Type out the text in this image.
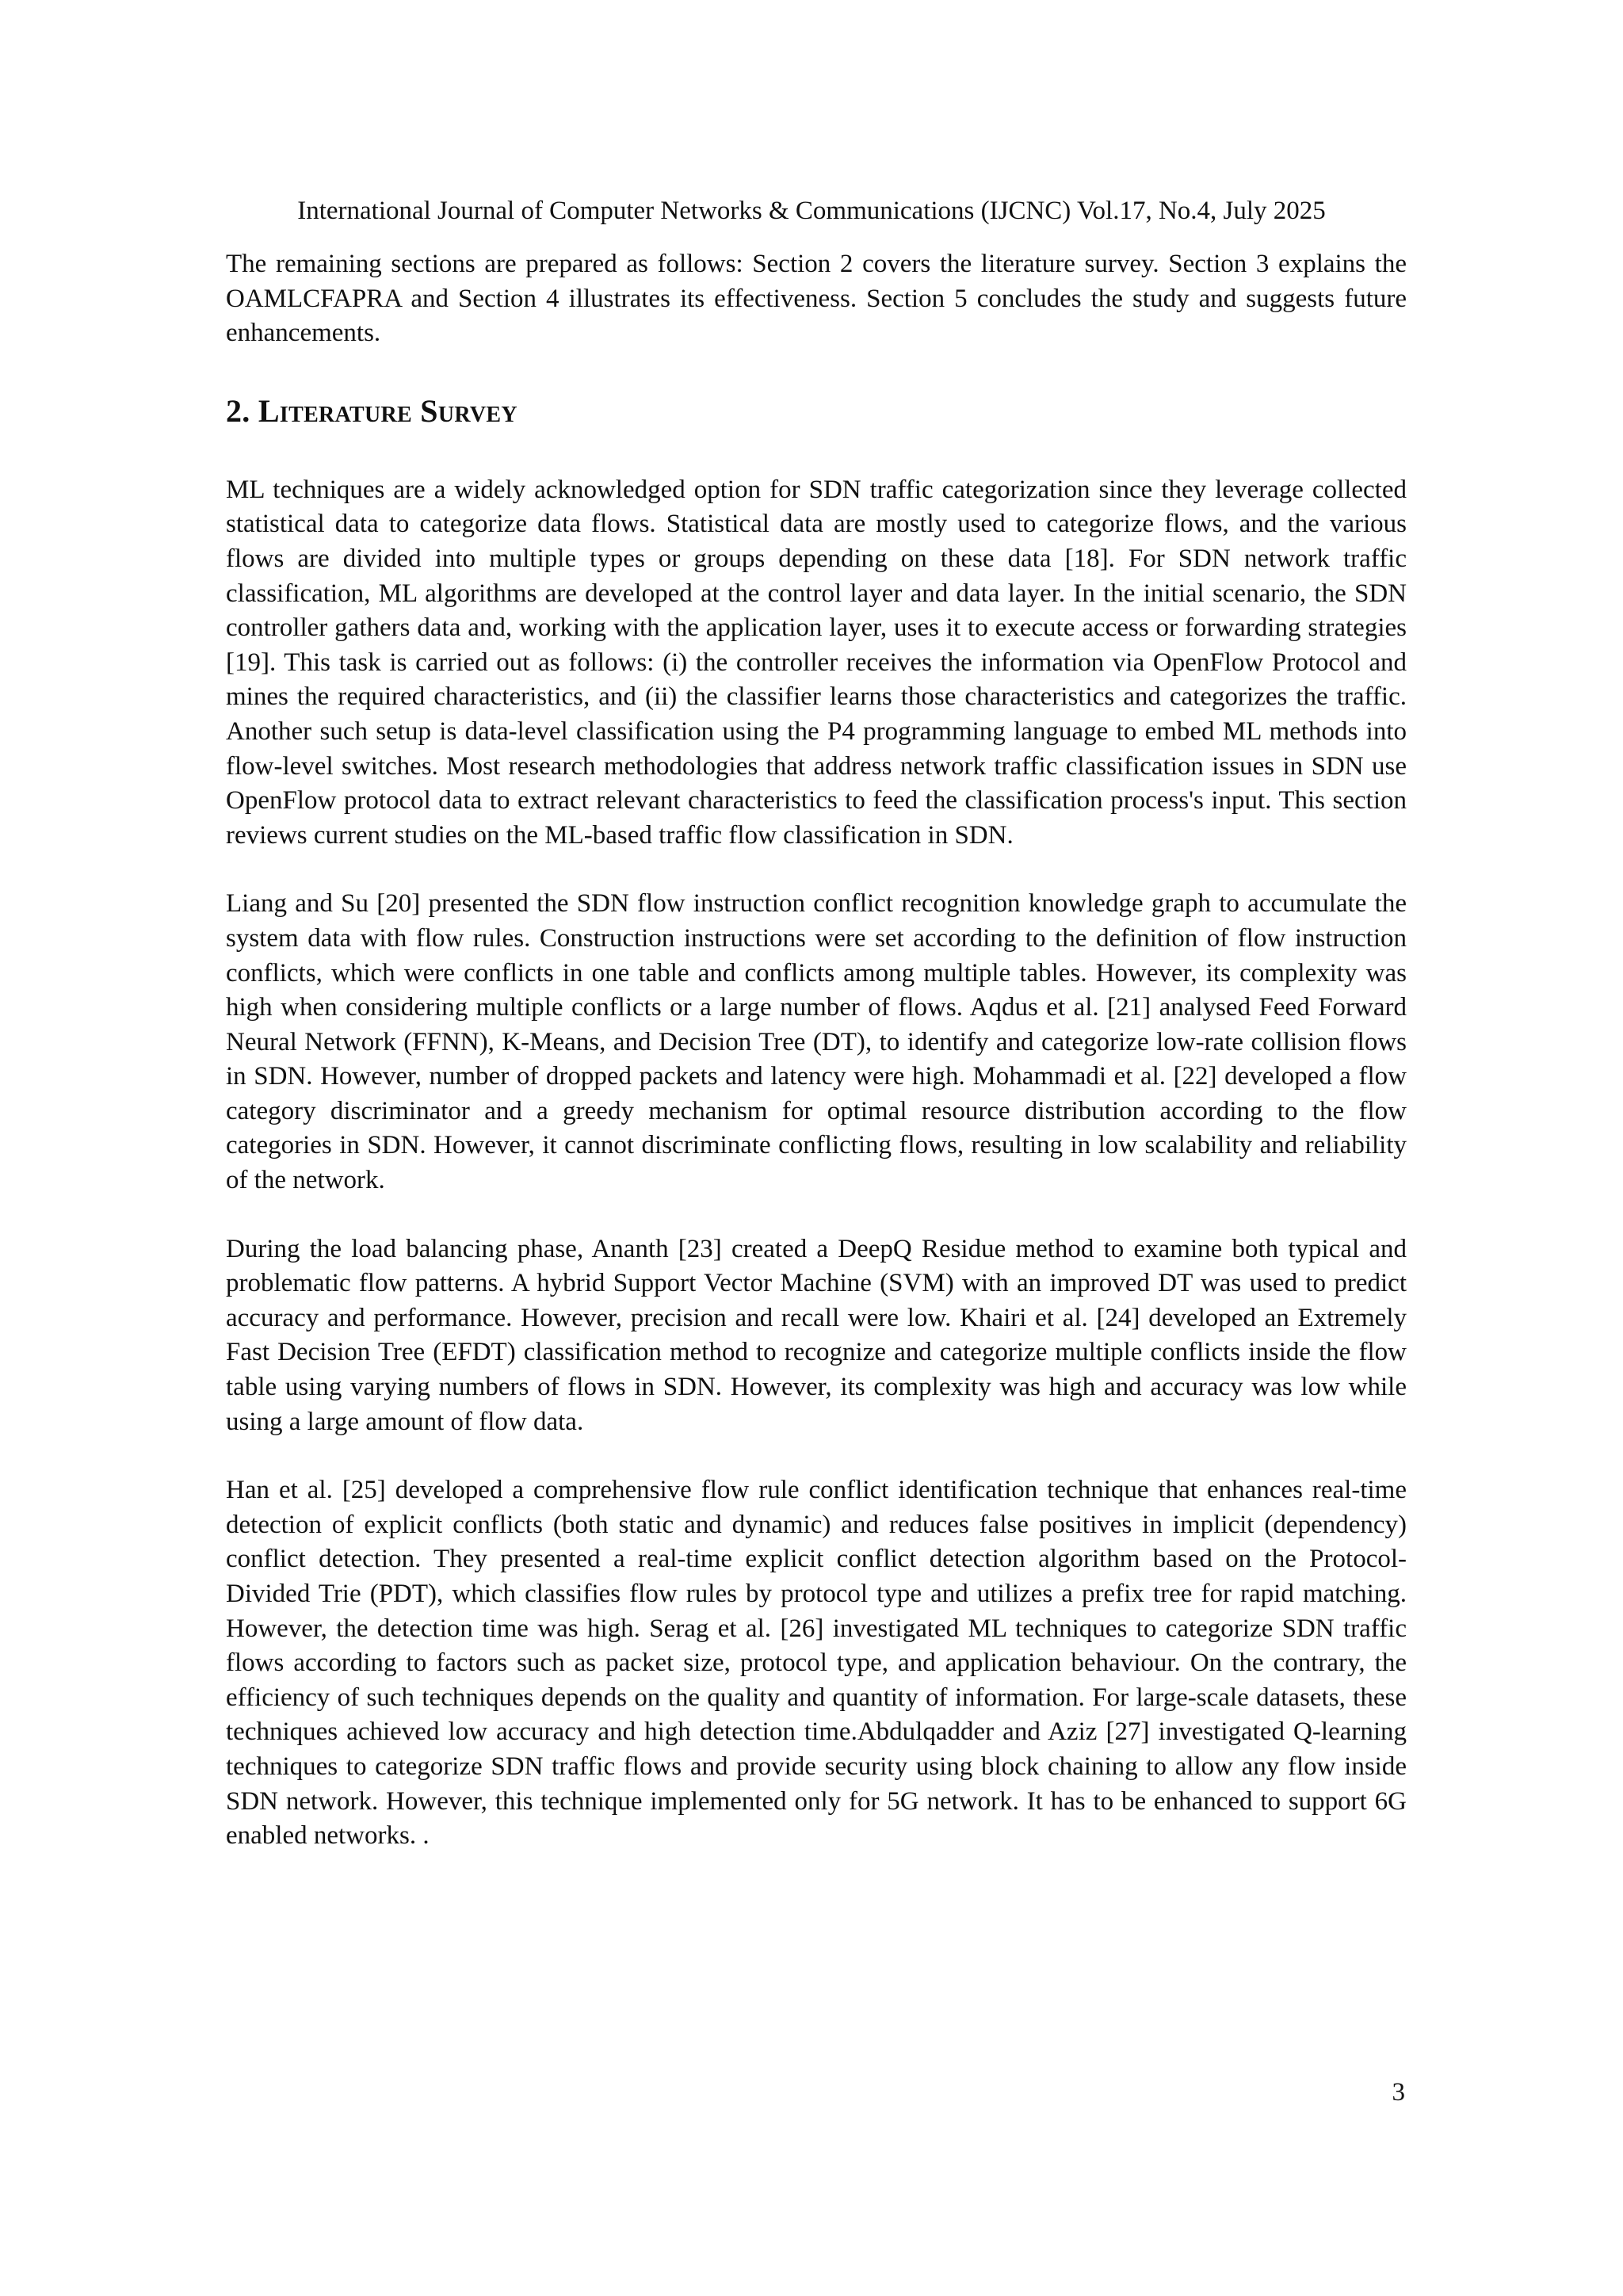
International Journal of Computer Networks & Communications (IJCNC) Vol.17, No.4, July 2025

The remaining sections are prepared as follows: Section 2 covers the literature survey. Section 3 explains the OAMLCFAPRA and Section 4 illustrates its effectiveness. Section 5 concludes the study and suggests future enhancements.

2. Literature Survey

ML techniques are a widely acknowledged option for SDN traffic categorization since they leverage collected statistical data to categorize data flows. Statistical data are mostly used to categorize flows, and the various flows are divided into multiple types or groups depending on these data [18]. For SDN network traffic classification, ML algorithms are developed at the control layer and data layer. In the initial scenario, the SDN controller gathers data and, working with the application layer, uses it to execute access or forwarding strategies [19]. This task is carried out as follows: (i) the controller receives the information via OpenFlow Protocol and mines the required characteristics, and (ii) the classifier learns those characteristics and categorizes the traffic. Another such setup is data-level classification using the P4 programming language to embed ML methods into flow-level switches. Most research methodologies that address network traffic classification issues in SDN use OpenFlow protocol data to extract relevant characteristics to feed the classification process's input. This section reviews current studies on the ML-based traffic flow classification in SDN.

Liang and Su [20] presented the SDN flow instruction conflict recognition knowledge graph to accumulate the system data with flow rules. Construction instructions were set according to the definition of flow instruction conflicts, which were conflicts in one table and conflicts among multiple tables. However, its complexity was high when considering multiple conflicts or a large number of flows. Aqdus et al. [21] analysed Feed Forward Neural Network (FFNN), K-Means, and Decision Tree (DT), to identify and categorize low-rate collision flows in SDN. However, number of dropped packets and latency were high. Mohammadi et al. [22] developed a flow category discriminator and a greedy mechanism for optimal resource distribution according to the flow categories in SDN. However, it cannot discriminate conflicting flows, resulting in low scalability and reliability of the network.

During the load balancing phase, Ananth [23] created a DeepQ Residue method to examine both typical and problematic flow patterns. A hybrid Support Vector Machine (SVM) with an improved DT was used to predict accuracy and performance. However, precision and recall were low. Khairi et al. [24] developed an Extremely Fast Decision Tree (EFDT) classification method to recognize and categorize multiple conflicts inside the flow table using varying numbers of flows in SDN. However, its complexity was high and accuracy was low while using a large amount of flow data.

Han et al. [25] developed a comprehensive flow rule conflict identification technique that enhances real-time detection of explicit conflicts (both static and dynamic) and reduces false positives in implicit (dependency) conflict detection. They presented a real-time explicit conflict detection algorithm based on the Protocol-Divided Trie (PDT), which classifies flow rules by protocol type and utilizes a prefix tree for rapid matching. However, the detection time was high. Serag et al. [26] investigated ML techniques to categorize SDN traffic flows according to factors such as packet size, protocol type, and application behaviour. On the contrary, the efficiency of such techniques depends on the quality and quantity of information. For large-scale datasets, these techniques achieved low accuracy and high detection time.Abdulqadder and Aziz [27] investigated Q-learning techniques to categorize SDN traffic flows and provide security using block chaining to allow any flow inside SDN network. However, this technique implemented only for 5G network. It has to be enhanced to support 6G enabled networks. .

3
